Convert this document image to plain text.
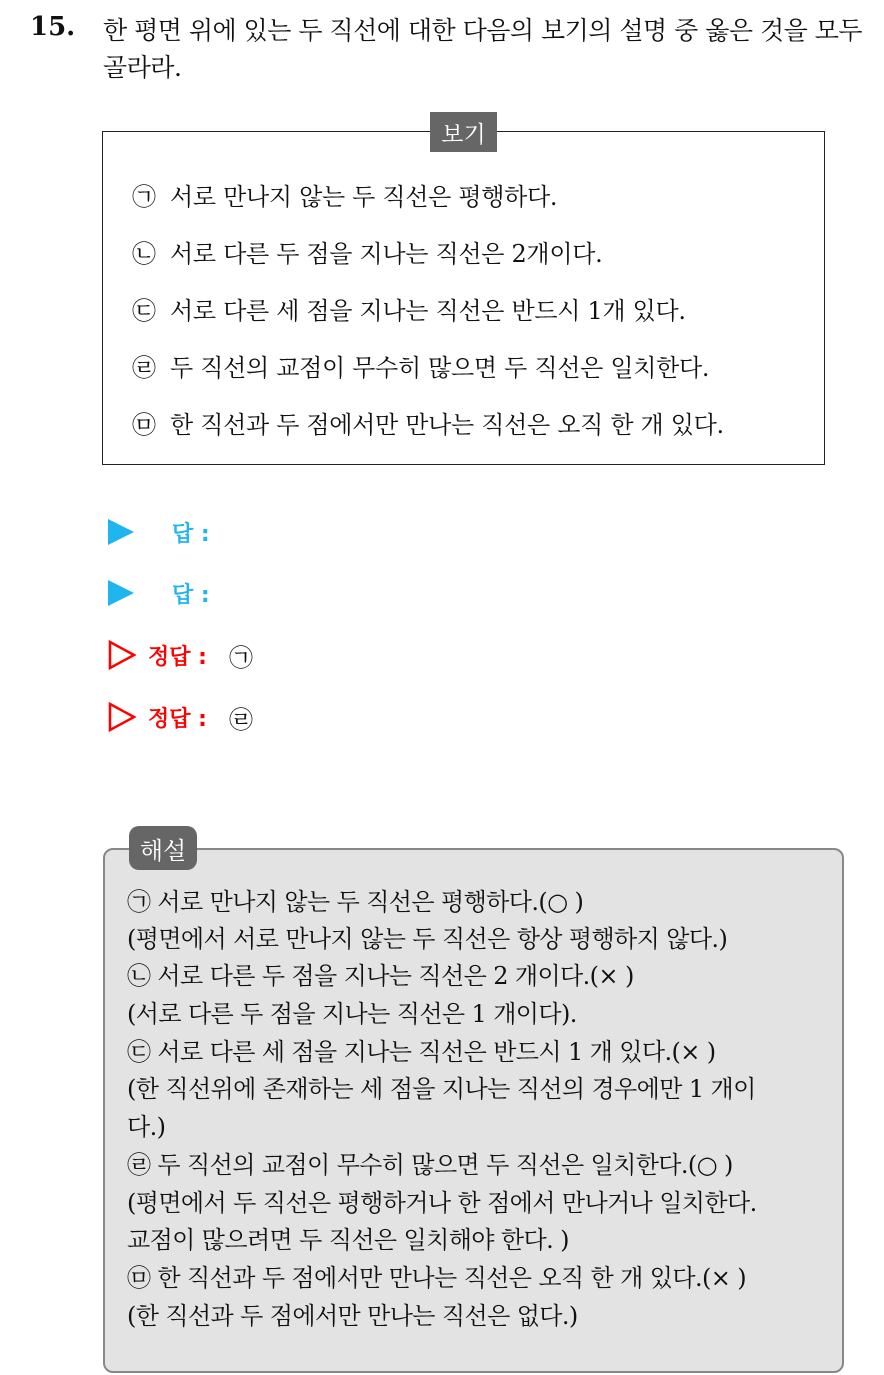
15. 한 평면 위에 있는 두 직선에 대한 다음의 보기의 설명 중 옳은 것을 모두 골라라.
보기
㉠ 서로 만나지 않는 두 직선은 평행하다.
㉡ 서로 다른 두 점을 지나는 직선은 2개이다.
㉢ 서로 다른 세 점을 지나는 직선은 반드시 1개 있다.
㉣ 두 직선의 교점이 무수히 많으면 두 직선은 일치한다.
㉤ 한 직선과 두 점에서만 만나는 직선은 오직 한 개 있다.
답 :
답 :
정답 : ㉠
정답 : ㉣
해설
㉠ 서로 만나지 않는 두 직선은 평행하다.(○ )
(평면에서 서로 만나지 않는 두 직선은 항상 평행하지 않다.)
㉡ 서로 다른 두 점을 지나는 직선은 2 개이다.(× )
(서로 다른 두 점을 지나는 직선은 1 개이다).
㉢ 서로 다른 세 점을 지나는 직선은 반드시 1 개 있다.(× )
(한 직선위에 존재하는 세 점을 지나는 직선의 경우에만 1 개이
다.)
㉣ 두 직선의 교점이 무수히 많으면 두 직선은 일치한다.(○ )
(평면에서 두 직선은 평행하거나 한 점에서 만나거나 일치한다.
교점이 많으려면 두 직선은 일치해야 한다. )
㉤ 한 직선과 두 점에서만 만나는 직선은 오직 한 개 있다.(× )
(한 직선과 두 점에서만 만나는 직선은 없다.)
